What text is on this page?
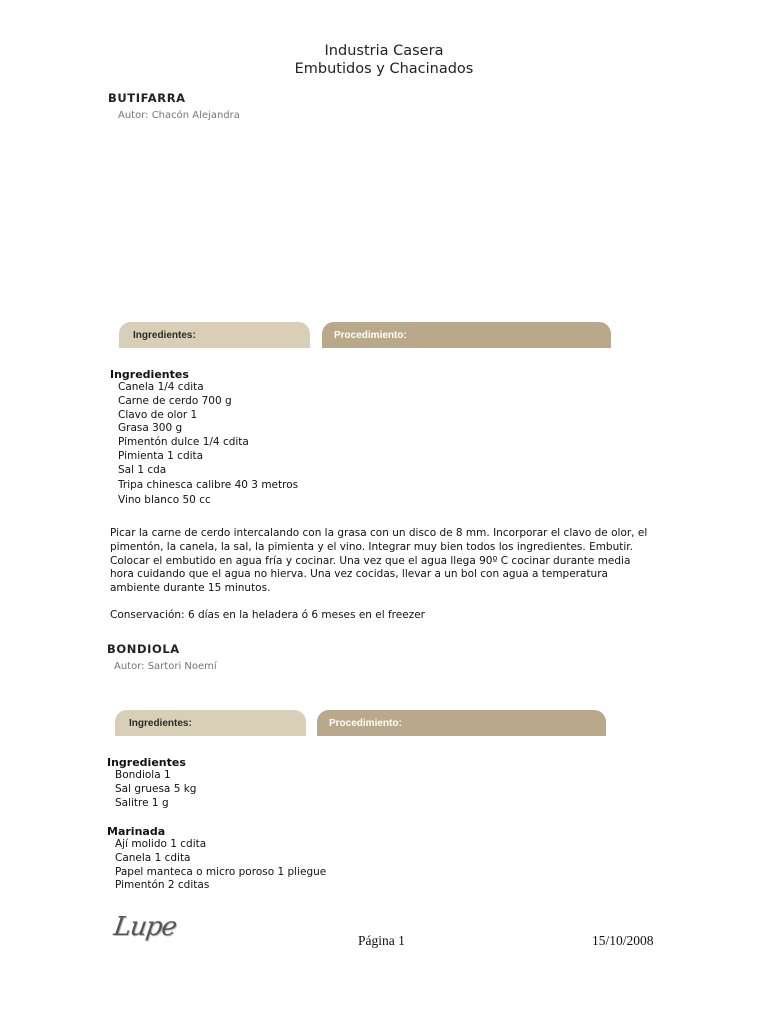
Industria Casera
Embutidos y Chacinados
BUTIFARRA
Autor: Chacón Alejandra
Ingredientes:	Procedimiento:
Ingredientes
Canela 1/4 cdita
Carne de cerdo 700 g
Clavo de olor 1
Grasa 300 g
Pimentón dulce 1/4 cdita
Pimienta 1 cdita
Sal 1 cda
Tripa chinesca calibre 40 3 metros
Vino blanco 50 cc
Picar la carne de cerdo intercalando con la grasa con un disco de 8 mm. Incorporar el clavo de olor, el pimentón, la canela, la sal, la pimienta y el vino. Integrar muy bien todos los ingredientes. Embutir. Colocar el embutido en agua fría y cocinar. Una vez que el agua llega 90º C cocinar durante media hora cuidando que el agua no hierva. Una vez cocidas, llevar a un bol con agua a temperatura ambiente durante 15 minutos.
Conservación: 6 días en la heladera ó 6 meses en el freezer
BONDIOLA
Autor: Sartori Noemí
Ingredientes:	Procedimiento:
Ingredientes
Bondiola 1
Sal gruesa 5 kg
Salitre 1 g
Marinada
Ají molido 1 cdita
Canela 1 cdita
Papel manteca o micro poroso 1 pliegue
Pimentón 2 cditas
Lupe	Página 1	15/10/2008
